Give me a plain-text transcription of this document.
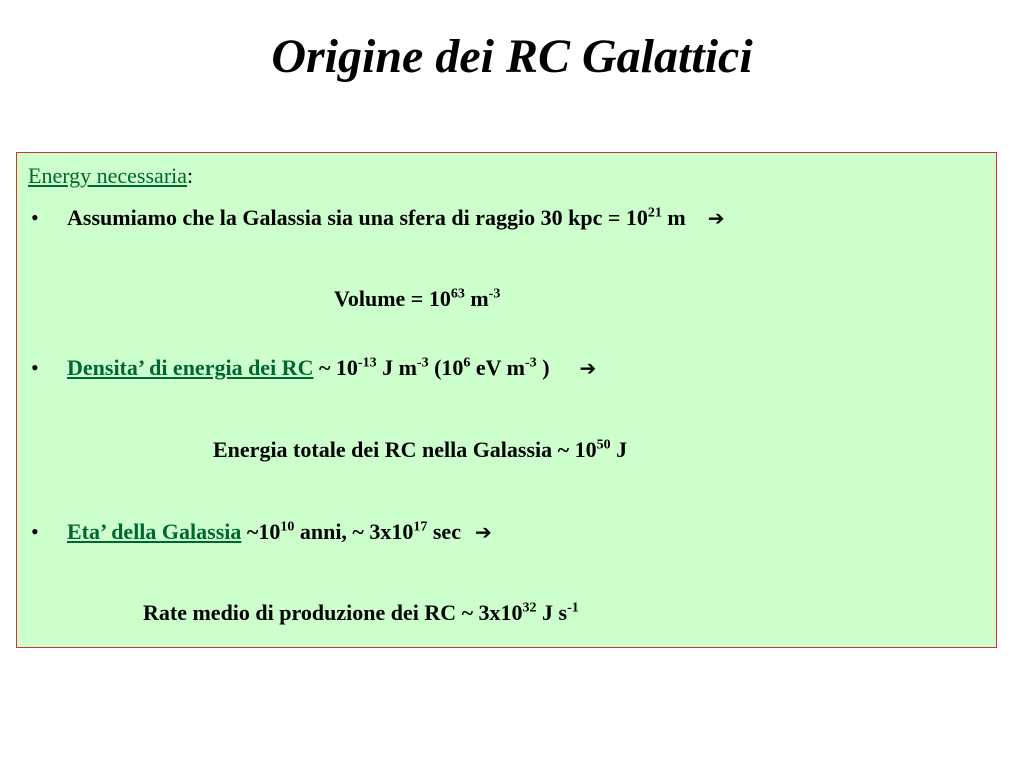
Origine dei RC Galattici
Energy necessaria:
• Assumiamo che la Galassia sia una sfera di raggio 30 kpc = $10^{21}$ m ➔
Volume = $10^{63}$ $m^{-3}$
• Densita’ di energia dei RC ~ $10^{-13}$ J $m^{-3}$ ($10^6$ eV $m^{-3}$ ) ➔
Energia totale dei RC nella Galassia ~ $10^{50}$ J
• Eta’ della Galassia $\sim 10^{10}$ anni, ~ $3x10^{17}$ sec ➔
Rate medio di produzione dei RC ~ $3x10^{32}$ J $s^{-1}$
